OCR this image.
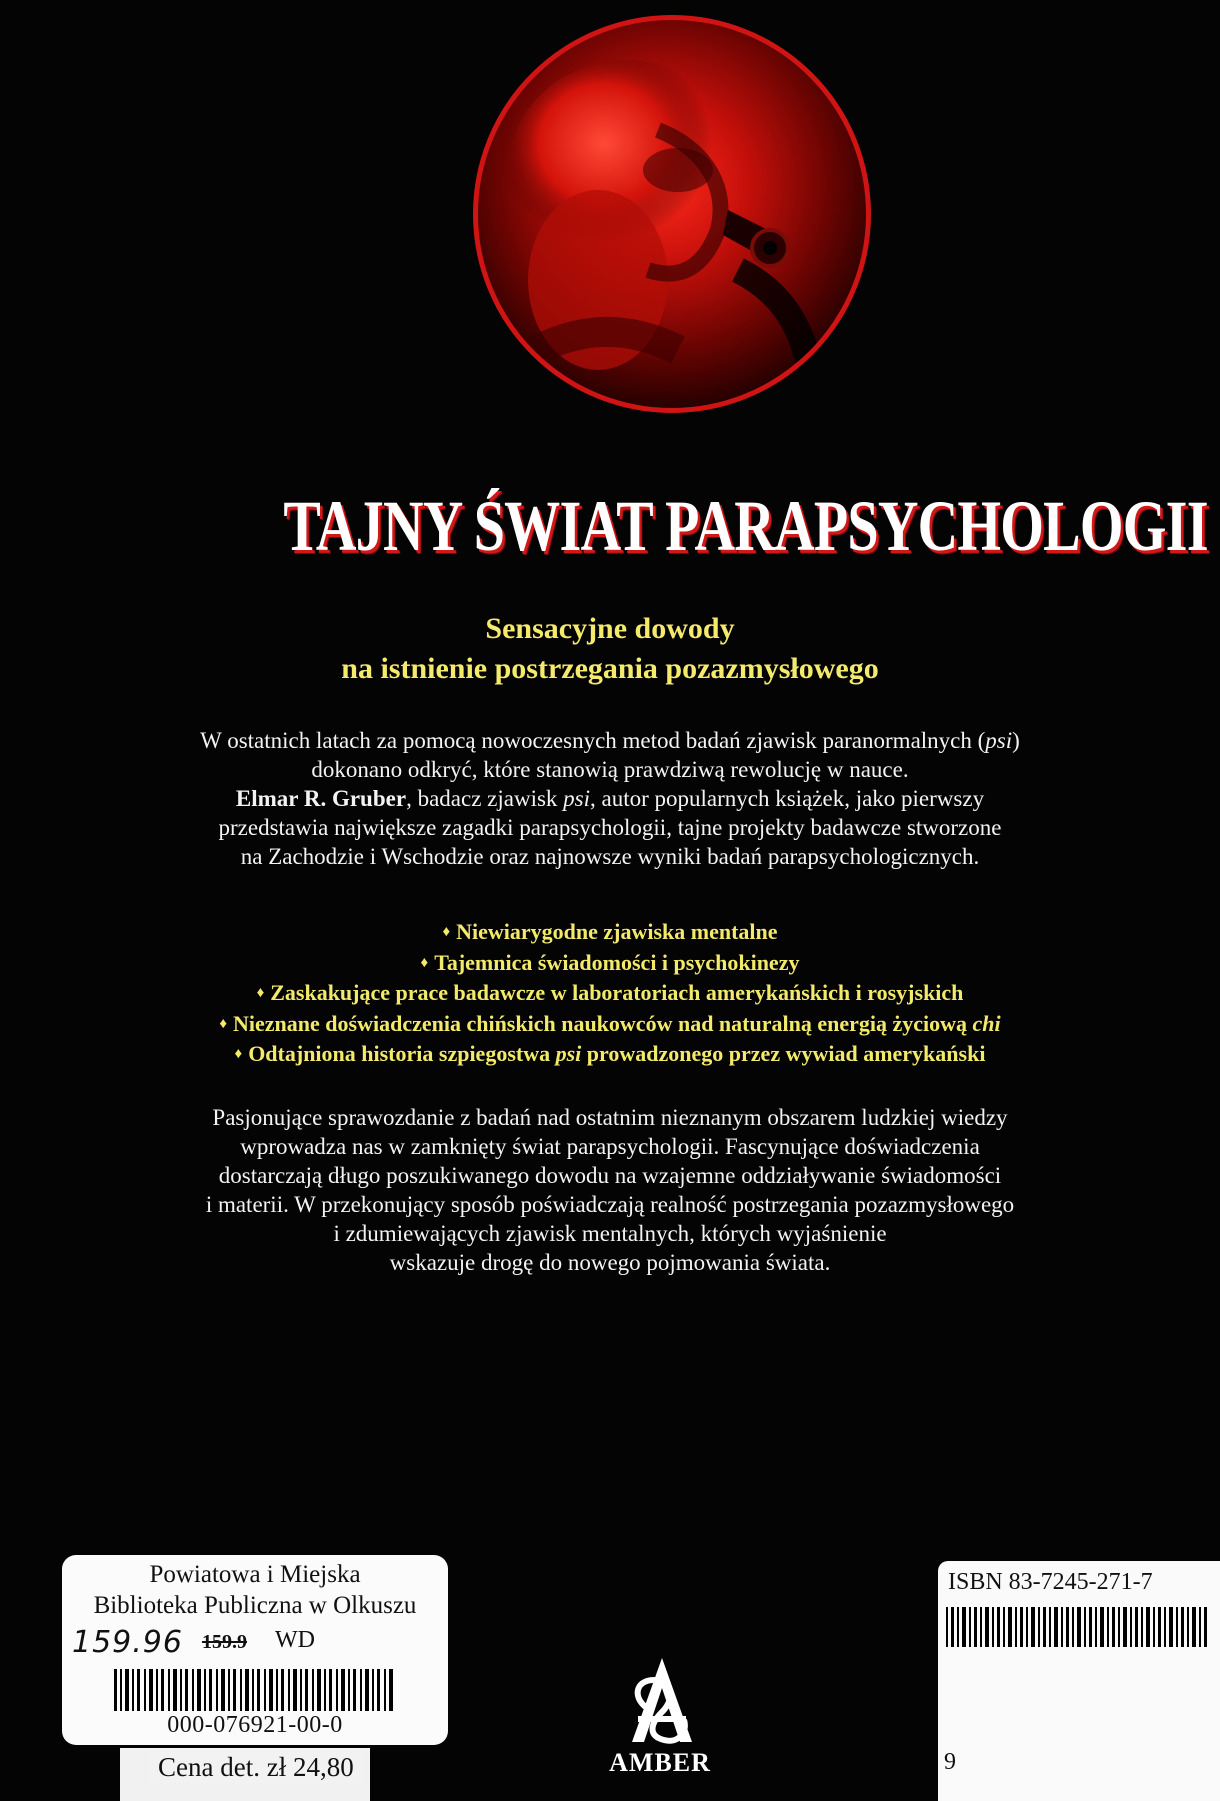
TAJNY ŚWIAT PARAPSYCHOLOGII
Sensacyjne dowody
na istnienie postrzegania pozazmysłowego

W ostatnich latach za pomocą nowoczesnych metod badań zjawisk paranormalnych (psi)

dokonano odkryć, które stanowią prawdziwą rewolucję w nauce.

Elmar R. Gruber, badacz zjawisk psi, autor popularnych książek, jako pierwszy

przedstawia największe zagadki parapsychologii, tajne projekty badawcze stworzone

na Zachodzie i Wschodzie oraz najnowsze wyniki badań parapsychologicznych.

♦ Niewiarygodne zjawiska mentalne
♦ Tajemnica świadomości i psychokinezy
♦ Zaskakujące prace badawcze w laboratoriach amerykańskich i rosyjskich
♦ Nieznane doświadczenia chińskich naukowców nad naturalną energią życiową chi
♦ Odtajniona historia szpiegostwa psi prowadzonego przez wywiad amerykański

Pasjonujące sprawozdanie z badań nad ostatnim nieznanym obszarem ludzkiej wiedzy

wprowadza nas w zamknięty świat parapsychologii. Fascynujące doświadczenia

dostarczają długo poszukiwanego dowodu na wzajemne oddziaływanie świadomości

i materii. W przekonujący sposób poświadczają realność postrzegania pozazmysłowego

i zdumiewających zjawisk mentalnych, których wyjaśnienie

wskazuje drogę do nowego pojmowania świata.

Powiatowa i Miejska
Biblioteka Publiczna w Olkuszu
159.96 159.9 WD
000-076921-00-0
Cena det. zł 24,80	AMBER
ISBN 83-7245-271-7
9
